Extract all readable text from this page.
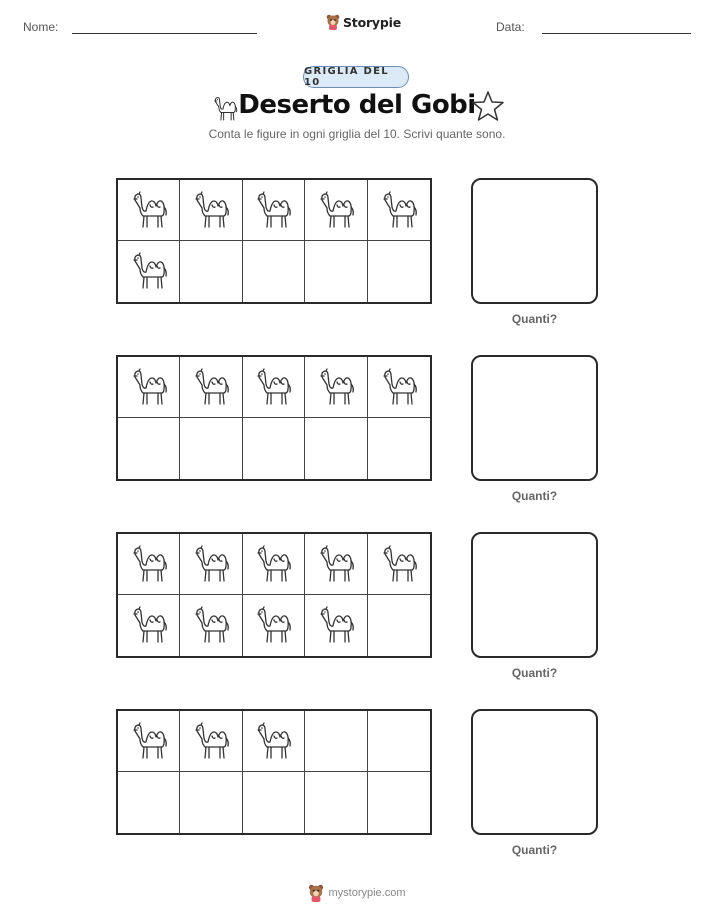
Nome:	Storypie	Data:
GRIGLIA DEL 10
Deserto del Gobi
Conta le figure in ogni griglia del 10. Scrivi quante sono.
Quanti?
Quanti?
Quanti?
Quanti?
mystorypie.com
